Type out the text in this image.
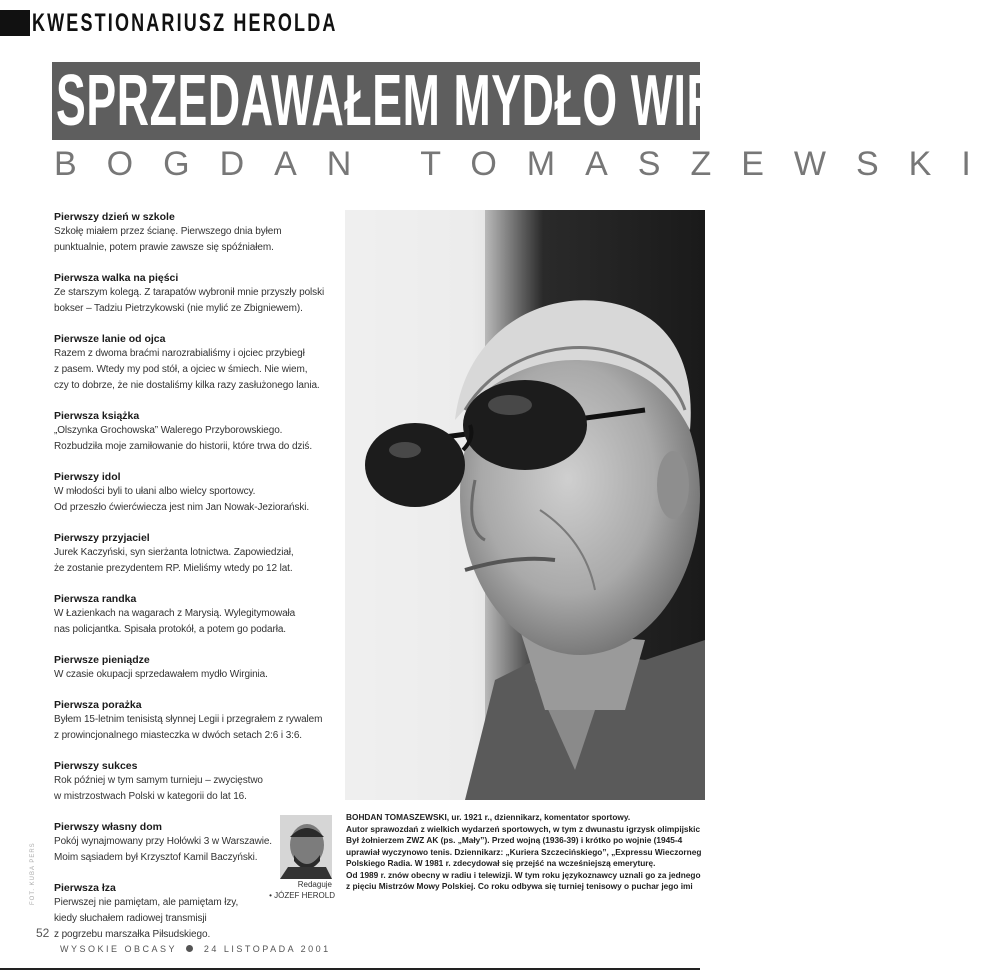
KWESTIONARIUSZ HEROLDA
SPRZEDAWAŁEM MYDŁO WIRGINIA
BOGDAN TOMASZEWSKI
Pierwszy dzień w szkole
Szkołę miałem przez ścianę. Pierwszego dnia byłem
punktualnie, potem prawie zawsze się spóźniałem.
Pierwsza walka na pięści
Ze starszym kolegą. Z tarapatów wybronił mnie przyszły polski
bokser – Tadziu Pietrzykowski (nie mylić ze Zbigniewem).
Pierwsze lanie od ojca
Razem z dwoma braćmi narozrabialiśmy i ojciec przybiegł
z pasem. Wtedy my pod stół, a ojciec w śmiech. Nie wiem,
czy to dobrze, że nie dostaliśmy kilka razy zasłużonego lania.
Pierwsza książka
„Olszynka Grochowska” Walerego Przyborowskiego.
Rozbudziła moje zamiłowanie do historii, które trwa do dziś.
Pierwszy idol
W młodości byli to ułani albo wielcy sportowcy.
Od przeszło ćwierćwiecza jest nim Jan Nowak-Jeziorański.
Pierwszy przyjaciel
Jurek Kaczyński, syn sierżanta lotnictwa. Zapowiedział,
że zostanie prezydentem RP. Mieliśmy wtedy po 12 lat.
Pierwsza randka
W Łazienkach na wagarach z Marysią. Wylegitymowała
nas policjantka. Spisała protokół, a potem go podarła.
Pierwsze pieniądze
W czasie okupacji sprzedawałem mydło Wirginia.
Pierwsza porażka
Byłem 15-letnim tenisistą słynnej Legii i przegrałem z rywalem
z prowincjonalnego miasteczka w dwóch setach 2:6 i 3:6.
Pierwszy sukces
Rok później w tym samym turnieju – zwycięstwo
w mistrzostwach Polski w kategorii do lat 16.
Pierwszy własny dom
Pokój wynajmowany przy Hołówki 3 w Warszawie.
Moim sąsiadem był Krzysztof Kamil Baczyński.
Pierwsza łza
Pierwszej nie pamiętam, ale pamiętam łzy,
kiedy słuchałem radiowej transmisji
z pogrzebu marszałka Piłsudskiego.

BOHDAN TOMASZEWSKI, ur. 1921 r., dziennikarz, komentator sportowy.

Autor sprawozdań z wielkich wydarzeń sportowych, w tym z dwunastu igrzysk olimpijskic

Był żołnierzem ZWZ AK (ps. „Mały”). Przed wojną (1936-39) i krótko po wojnie (1945-4

uprawiał wyczynowo tenis. Dziennikarz: „Kuriera Szczecińskiego”, „Expressu Wieczorneg

Polskiego Radia. W 1981 r. zdecydował się przejść na wcześniejszą emeryturę.

Od 1989 r. znów obecny w radiu i telewizji. W tym roku językoznawcy uznali go za jednego

z pięciu Mistrzów Mowy Polskiej. Co roku odbywa się turniej tenisowy o puchar jego imi

Redaguje
• JÓZEF HEROLD
FOT. KUBA PERS
52
WYSOKIE OBCASY	24 LISTOPADA 2001
